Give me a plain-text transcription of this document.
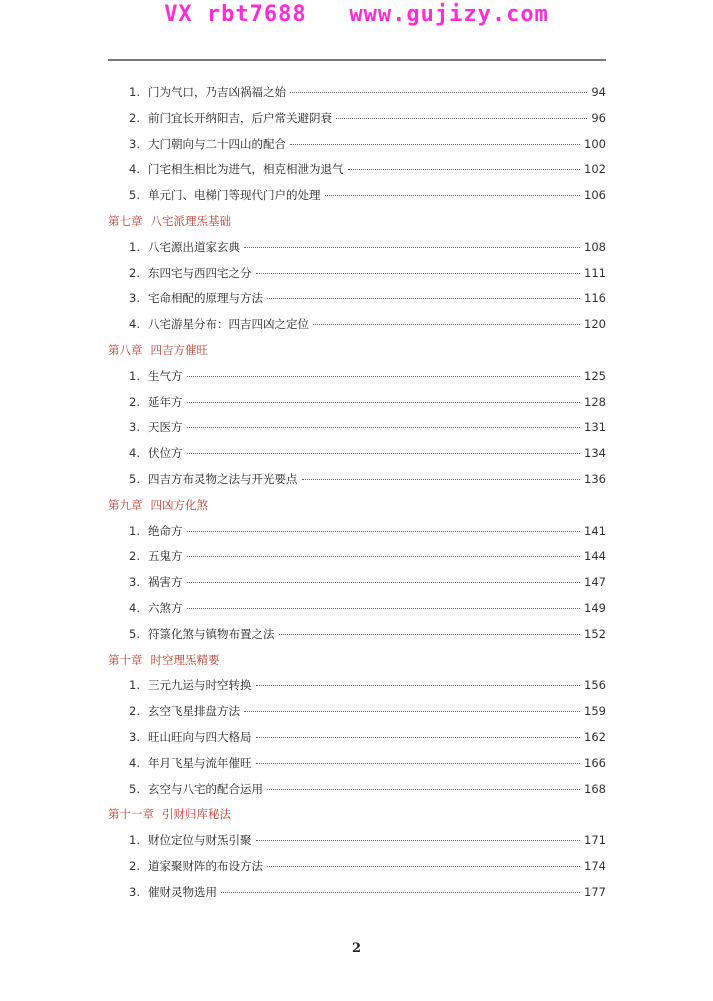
VX rbt7688   www.gujizy.com
1. 门为气口，乃吉凶祸福之始	94
2. 前门宜长开纳阳吉，后户常关避阴衰	96
3. 大门朝向与二十四山的配合	100
4. 门宅相生相比为进气，相克相泄为退气	102
5. 单元门、电梯门等现代门户的处理	106
第七章 八宅派理炁基础
1. 八宅源出道家玄典	108
2. 东四宅与西四宅之分	111
3. 宅命相配的原理与方法	116
4. 八宅游星分布：四吉四凶之定位	120
第八章 四吉方催旺
1. 生气方	125
2. 延年方	128
3. 天医方	131
4. 伏位方	134
5. 四吉方布灵物之法与开光要点	136
第九章 四凶方化煞
1. 绝命方	141
2. 五鬼方	144
3. 祸害方	147
4. 六煞方	149
5. 符箓化煞与镇物布置之法	152
第十章 时空理炁精要
1. 三元九运与时空转换	156
2. 玄空飞星排盘方法	159
3. 旺山旺向与四大格局	162
4. 年月飞星与流年催旺	166
5. 玄空与八宅的配合运用	168
第十一章 引财归库秘法
1. 财位定位与财炁引聚	171
2. 道家聚财阵的布设方法	174
3. 催财灵物选用	177
2
